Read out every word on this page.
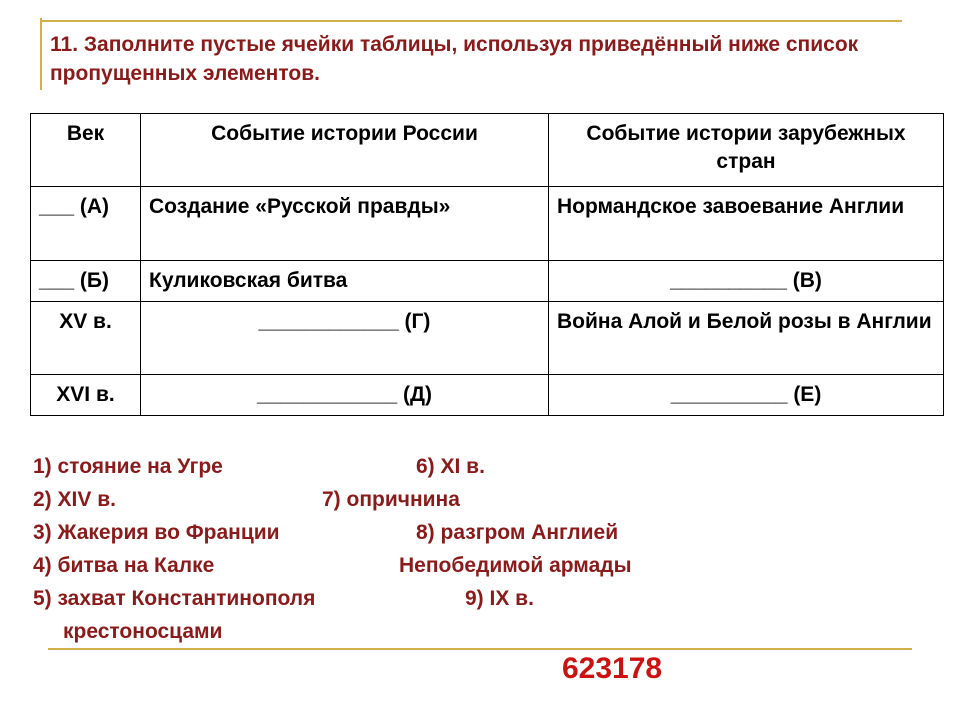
11. Заполните пустые ячейки таблицы, используя приведённый ниже список пропущенных элементов.
Век	Событие истории России	Событие истории зарубежных стран
___ (А)	Создание «Русской правды»	Нормандское завоевание Англии
___ (Б)	Куликовская битва	__________ (В)
XV в.	____________ (Г)	Война Алой и Белой розы в Англии
XVI в.	____________ (Д)	__________ (Е)
1) стояние на Угре	6) XI в.
2) XIV в.	7) опричнина
3) Жакерия во Франции	8) разгром Англией
4) битва на Калке	Непобедимой армады
5) захват Константинополя	9) IX в.
крестоносцами
623178
